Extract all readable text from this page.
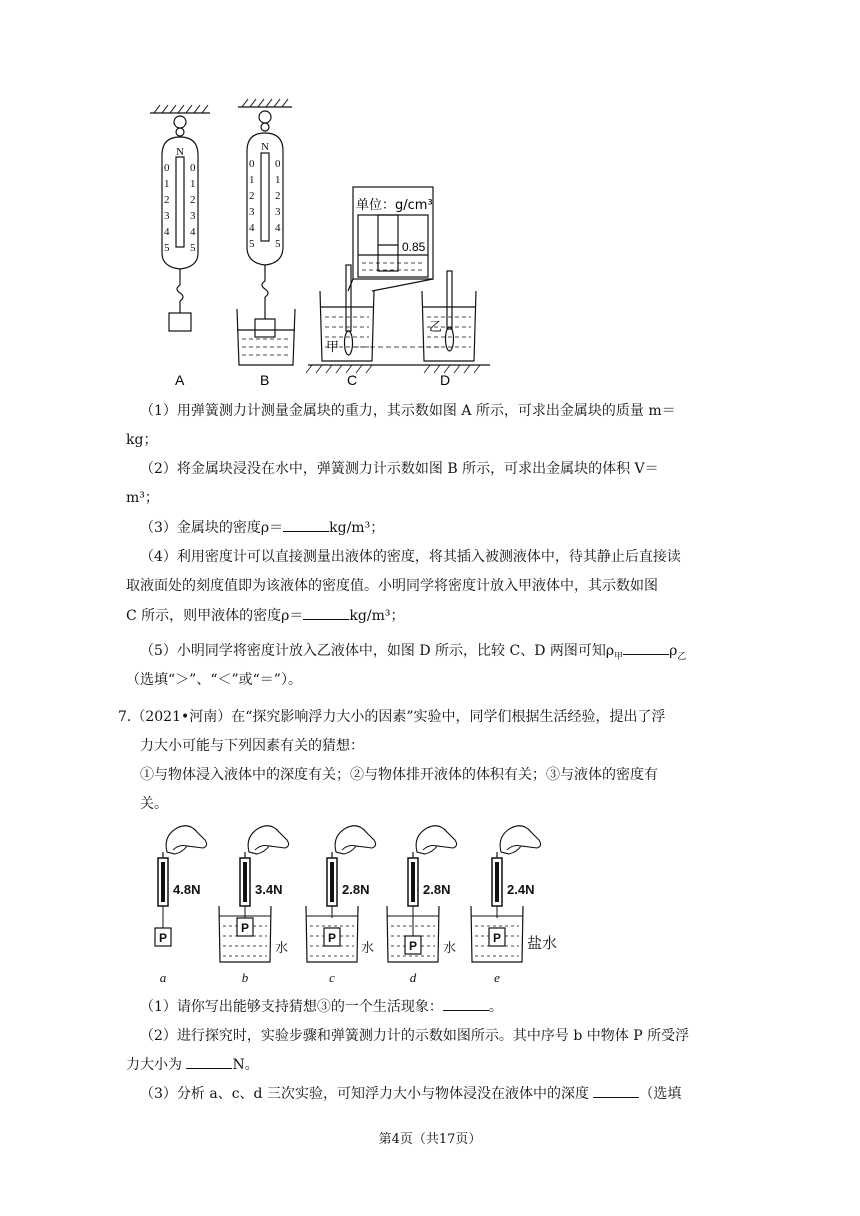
N
0
1
2
3
4
5
0
1
2
3
4
5
N
0
1
2
3
4
5
0
1
2
3
4
5
单位：g/cm³
0.85
甲
乙
A	B	C	D
（1）用弹簧测力计测量金属块的重力，其示数如图 A 所示，可求出金属块的质量 m＝
kg；
（2）将金属块浸没在水中，弹簧测力计示数如图 B 所示，可求出金属块的体积 V＝
m³；
（3）金属块的密度ρ＝	kg/m³；
（4）利用密度计可以直接测量出液体的密度，将其插入被测液体中，待其静止后直接读
取液面处的刻度值即为该液体的密度值。小明同学将密度计放入甲液体中，其示数如图
C 所示，则甲液体的密度ρ＝	kg/m³；
（5）小明同学将密度计放入乙液体中，如图 D 所示，比较 C、D 两图可知$\rho_甲$	$\rho_乙$
（选填“＞”、“＜”或“＝”）。
7.（2021•河南）在“探究影响浮力大小的因素”实验中，同学们根据生活经验，提出了浮
力大小可能与下列因素有关的猜想：
①与物体浸入液体中的深度有关；②与物体排开液体的体积有关；③与液体的密度有
关。
4.8N	3.4N	2.8N	2.8N	2.4N
P
P
P
P
P
水	水	水	盐水
a	b	c	d	e
（1）请你写出能够支持猜想③的一个生活现象：	。
（2）进行探究时，实验步骤和弹簧测力计的示数如图所示。其中序号 b 中物体 P 所受浮
力大小为	N。
（3）分析 a、c、d 三次实验，可知浮力大小与物体浸没在液体中的深度	（选填
第4页（共17页）
